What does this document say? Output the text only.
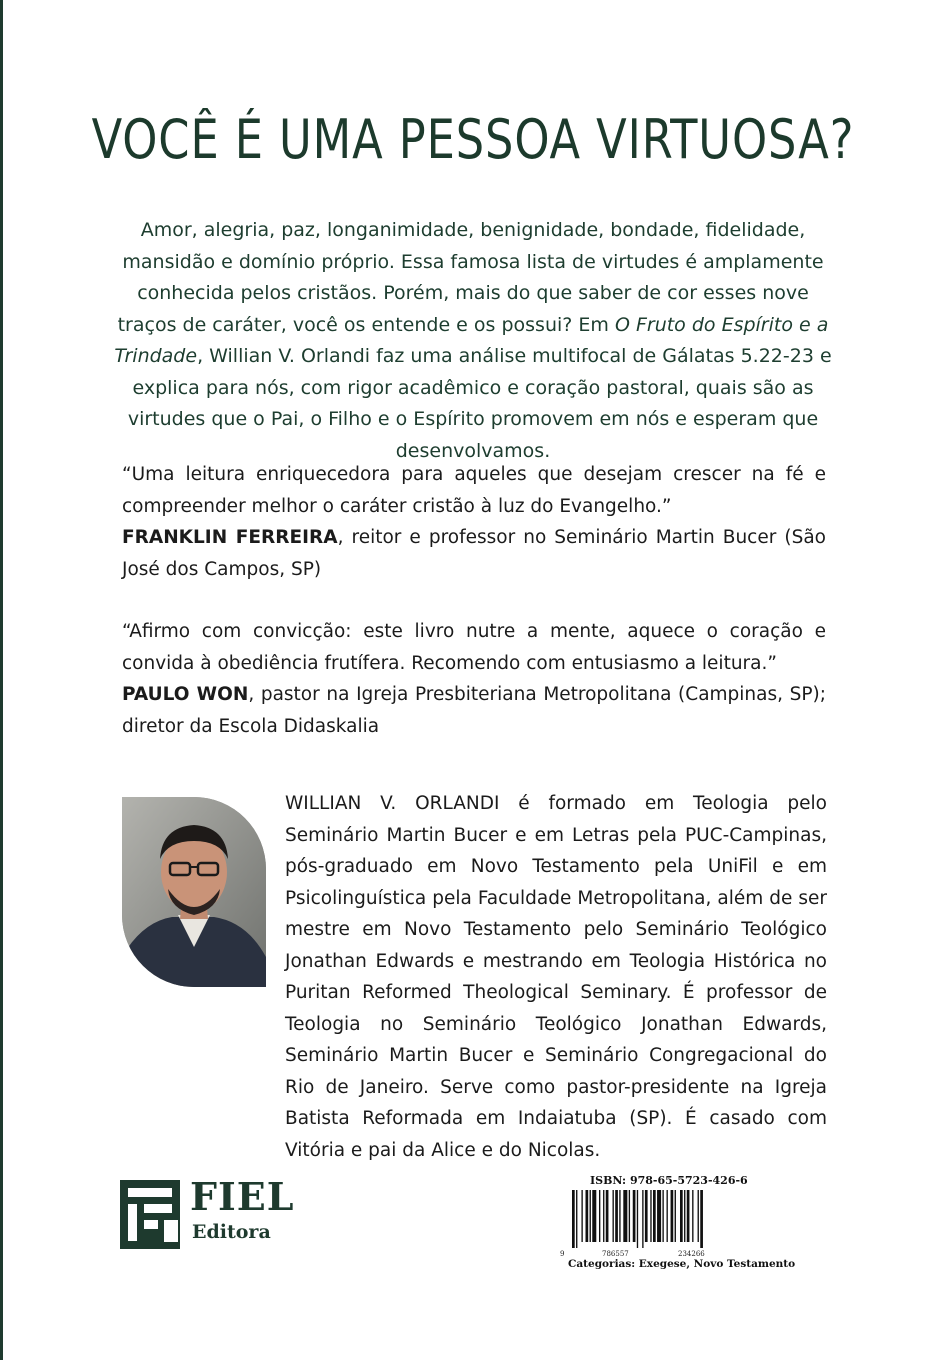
VOCÊ É UMA PESSOA VIRTUOSA?
Amor, alegria, paz, longanimidade, benignidade, bondade, fidelidade, mansidão e domínio próprio. Essa famosa lista de virtudes é amplamente conhecida pelos cristãos. Porém, mais do que saber de cor esses nove traços de caráter, você os entende e os possui? Em O Fruto do Espírito e a Trindade, Willian V. Orlandi faz uma análise multifocal de Gálatas 5.22-23 e explica para nós, com rigor acadêmico e coração pastoral, quais são as virtudes que o Pai, o Filho e o Espírito promovem em nós e esperam que desenvolvamos.
“Uma leitura enriquecedora para aqueles que desejam crescer na fé e compreender melhor o caráter cristão à luz do Evangelho.”
FRANKLIN FERREIRA, reitor e professor no Seminário Martin Bucer (São José dos Campos, SP)
“Afirmo com convicção: este livro nutre a mente, aquece o coração e convida à obediência frutífera. Recomendo com entusiasmo a leitura.”
PAULO WON, pastor na Igreja Presbiteriana Metropolitana (Campinas, SP); diretor da Escola Didaskalia
WILLIAN V. ORLANDI é formado em Teologia pelo Seminário Martin Bucer e em Letras pela PUC-Campinas, pós-graduado em Novo Testamento pela UniFil e em Psicolinguística pela Faculdade Metropolitana, além de ser mestre em Novo Testamento pelo Seminário Teológico Jonathan Edwards e mestrando em Teologia Histórica no Puritan Reformed Theological Seminary. É professor de Teologia no Seminário Teológico Jonathan Edwards, Seminário Martin Bucer e Seminário Congregacional do Rio de Janeiro. Serve como pastor-presidente na Igreja Batista Reformada em Indaiatuba (SP). É casado com Vitória e pai da Alice e do Nicolas.
FIEL
Editora
ISBN: 978-65-5723-426-6
9	786557	234266
Categorias: Exegese, Novo Testamento
